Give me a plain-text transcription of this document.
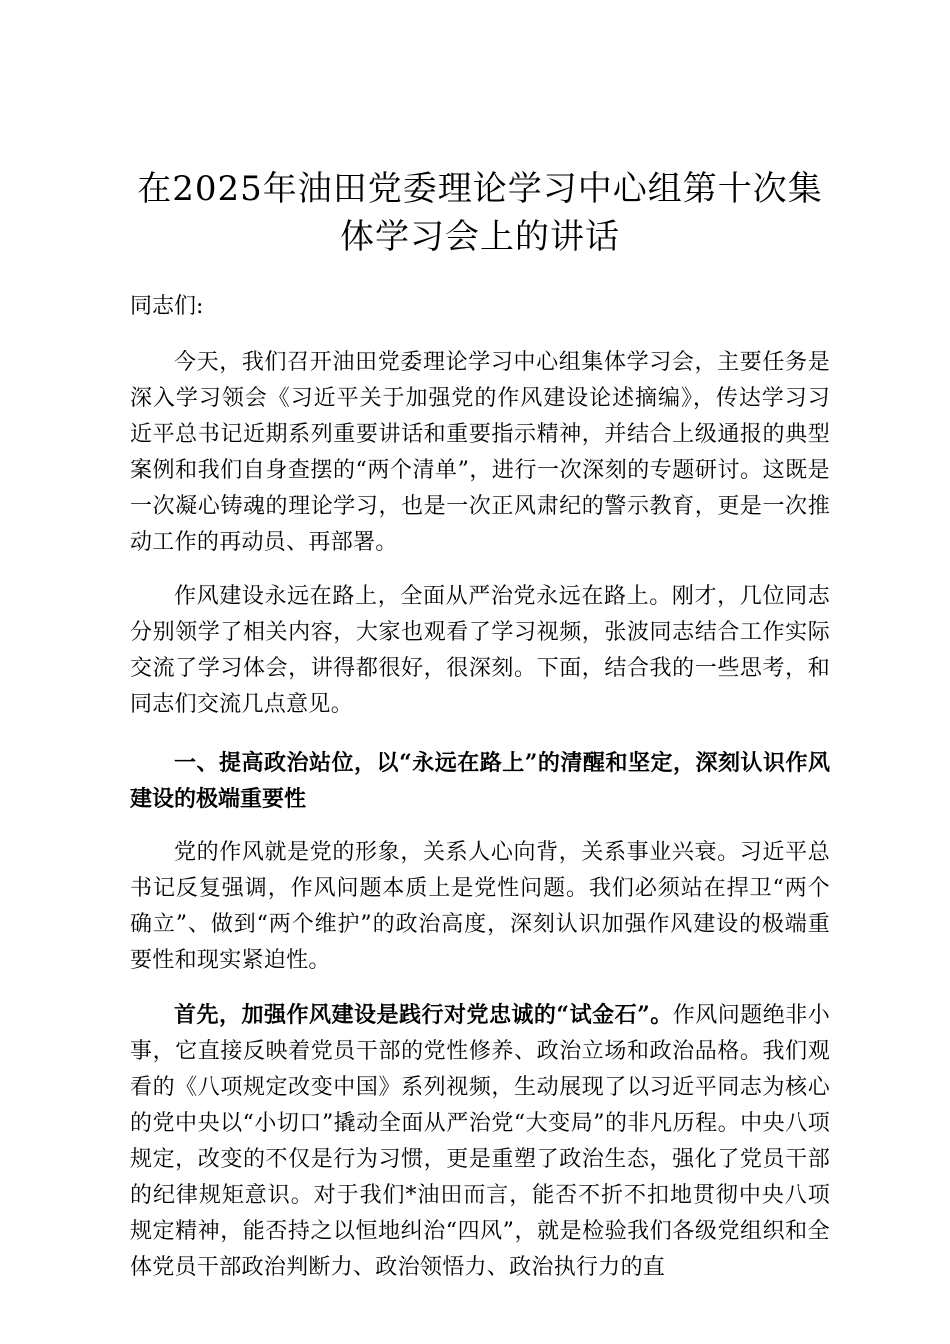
在2025年油田党委理论学习中心组第十次集体学习会上的讲话

同志们:

今天，我们召开油田党委理论学习中心组集体学习会，主要任务是深入学习领会《习近平关于加强党的作风建设论述摘编》，传达学习习近平总书记近期系列重要讲话和重要指示精神，并结合上级通报的典型案例和我们自身查摆的“两个清单”，进行一次深刻的专题研讨。这既是一次凝心铸魂的理论学习，也是一次正风肃纪的警示教育，更是一次推动工作的再动员、再部署。

作风建设永远在路上，全面从严治党永远在路上。刚才，几位同志分别领学了相关内容，大家也观看了学习视频，张波同志结合工作实际交流了学习体会，讲得都很好，很深刻。下面，结合我的一些思考，和同志们交流几点意见。

一、提高政治站位，以“永远在路上”的清醒和坚定，深刻认识作风建设的极端重要性

党的作风就是党的形象，关系人心向背，关系事业兴衰。习近平总书记反复强调，作风问题本质上是党性问题。我们必须站在捍卫“两个确立”、做到“两个维护”的政治高度，深刻认识加强作风建设的极端重要性和现实紧迫性。

首先，加强作风建设是践行对党忠诚的“试金石”。作风问题绝非小事，它直接反映着党员干部的党性修养、政治立场和政治品格。我们观看的《八项规定改变中国》系列视频，生动展现了以习近平同志为核心的党中央以“小切口”撬动全面从严治党“大变局”的非凡历程。中央八项规定，改变的不仅是行为习惯，更是重塑了政治生态，强化了党员干部的纪律规矩意识。对于我们*油田而言，能否不折不扣地贯彻中央八项规定精神，能否持之以恒地纠治“四风”，就是检验我们各级党组织和全体党员干部政治判断力、政治领悟力、政治执行力的直
